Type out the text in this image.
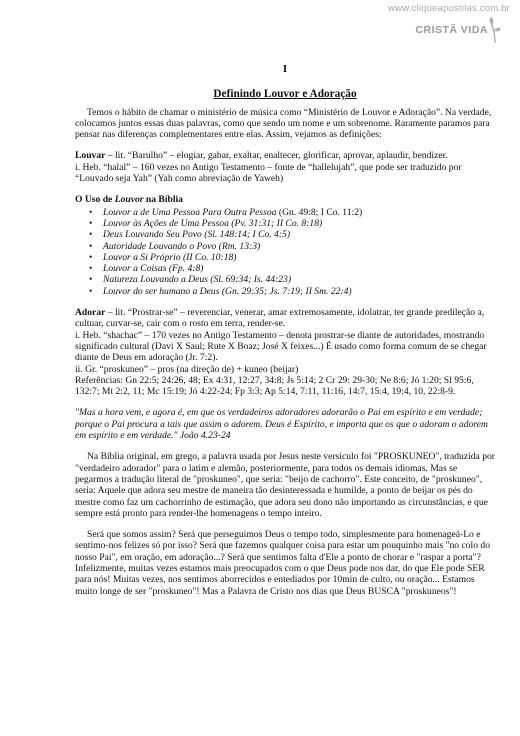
www.cliqueapostilas.com.br
CRISTÃ VIDA
I
Definindo Louvor e Adoração

Temos o hábito de chamar o ministério de música como “Ministério de Louvor e Adoração”. Na verdade, colocamos juntos essas duas palavras, como que sendo um nome e um sobrenome. Raramente paramos para pensar nas diferenças complementares entre elas. Assim, vejamos as definições:

Louvar – lit. “Barulho” – elogiar, gabar, exaltar, enaltecer, glorificar, aprovar, aplaudir, bendizer.

i. Heb. “halal” – 160 vezes no Antigo Testamento – fonte de “hallelujah”, que pode ser traduzido por “Louvado seja Yah” (Yah como abreviação de Yaweh)

O Uso de Louvor na Bíblia
• Louvor a de Uma Pessoa Para Outra Pessoa (Gn. 49:8; I Co. 11:2)
• Louvor às Ações de Uma Pessoa (Pv. 31:31; II Co. 8:18)
• Deus Louvando Seu Povo (Sl. 148:14; I Co. 4:5)
• Autoridade Louvando o Povo (Rm. 13:3)
• Louvor a Si Próprio (II Co. 10:18)
• Louvor a Coisas (Fp. 4:8)
• Natureza Louvando a Deus (Sl. 69:34; Is. 44:23)
• Louvor do ser humano a Deus (Gn. 29:35; Js. 7:19; II Sm. 22:4)

Adorar – lit. “Prostrar-se” – reverenciar, venerar, amar extremosamente, idolatrar, ter grande predileção a, cultuar, curvar-se, cair com o rosto em terra, render-se.

i. Heb. “shachac” – 170 vezes no Antigo Testamento – denota prostrar-se diante de autoridades, mostrando significado cultural (Davi X Saul; Rute X Boaz; José X feixes...) É usado como forma comum de se chegar diante de Deus em adoração (Jr. 7:2).

ii. Gr. “proskuneo” – pros (na direção de) + kuneo (beijar)

Referências: Gn 22:5; 24:26, 48; Ex 4:31, 12:27, 34:8; Js 5:14; 2 Cr 29: 29-30; Ne 8:6; Jó 1:20; Sl 95:6, 132:7; Mt 2:2, 11; Mc 15:19; Jó 4:22-24; Fp 3:3; Ap 5:14, 7:11, 11:16, 14:7, 15:4, 19:4, 10, 22:8-9.

"Mas a hora vem, e agora é, em que os verdadeiros adoradores adorarão o Pai em espírito e em verdade; porque o Pai procura a tais que assim o adorem. Deus é Espírito, e importa que os que o adoram o adorem em espírito e em verdade." João 4.23-24

Na Bíblia original, em grego, a palavra usada por Jesus neste versículo foi "PROSKUNEO", traduzida por "verdadeiro adorador" para o latim e alemão, posteriormente, para todos os demais idiomas. Mas se pegarmos a tradução literal de "proskuneo", que seria: "beijo de cachorro". Este conceito, de "proskuneo", seria: Aquele que adora seu mestre de maneira tão desinteressada e humilde, a ponto de beijar os pés do mestre como faz um cachorrinho de estimação, que adora seu dono não importando as circunstâncias, e que sempre está pronto para render-lhe homenagens o tempo inteiro.

Será que somos assim? Será que perseguimos Deus o tempo todo, simplesmente para homenageá-Lo e sentimo-nos felizes só por isso? Será que fazemos qualquer coisa para estar um pouquinho mais "no colo do nosso Pai", em oração, em adoração...? Será que sentimos falta d'Ele a ponto de chorar e "raspar a porta"?

Infelizmente, muitas vezes estamos mais preocupados com o que Deus pode nos dar, do que Ele pode SER para nós! Muitas vezes, nos sentimos aborrecidos e entediados por 10min de culto, ou oração... Estamos muito longe de ser "proskuneo"! Mas a Palavra de Cristo nos dias que Deus BUSCA "proskuneos"!
